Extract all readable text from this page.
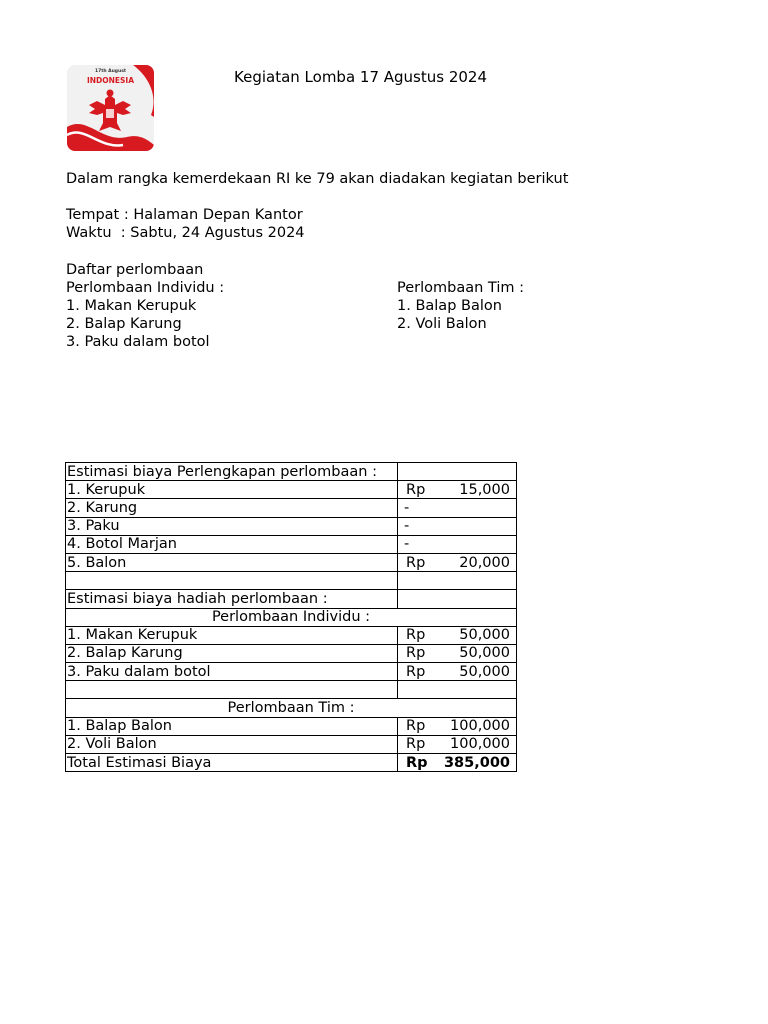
17th August
INDONESIA	Kegiatan Lomba 17 Agustus 2024
Dalam rangka kemerdekaan RI ke 79 akan diadakan kegiatan berikut
Tempat : Halaman Depan Kantor
Waktu  : Sabtu, 24 Agustus 2024
Daftar perlombaan
Perlombaan Individu :
1. Makan Kerupuk
2. Balap Karung
3. Paku dalam botol
Perlombaan Tim :
1. Balap Balon
2. Voli Balon
Estimasi biaya Perlengkapan perlombaan :	
1. Kerupuk	Rp 15,000

2. Karung	-
3. Paku	-
4. Botol Marjan	-
5. Balon	Rp 20,000

Estimasi biaya hadiah perlombaan :	
Perlombaan Individu :	
1. Makan Kerupuk	Rp 50,000

2. Balap Karung	Rp 50,000

3. Paku dalam botol	Rp 50,000

Perlombaan Tim :	
1. Balap Balon	Rp 100,000

2. Voli Balon	Rp 100,000

Total Estimasi Biaya	Rp 385,000
